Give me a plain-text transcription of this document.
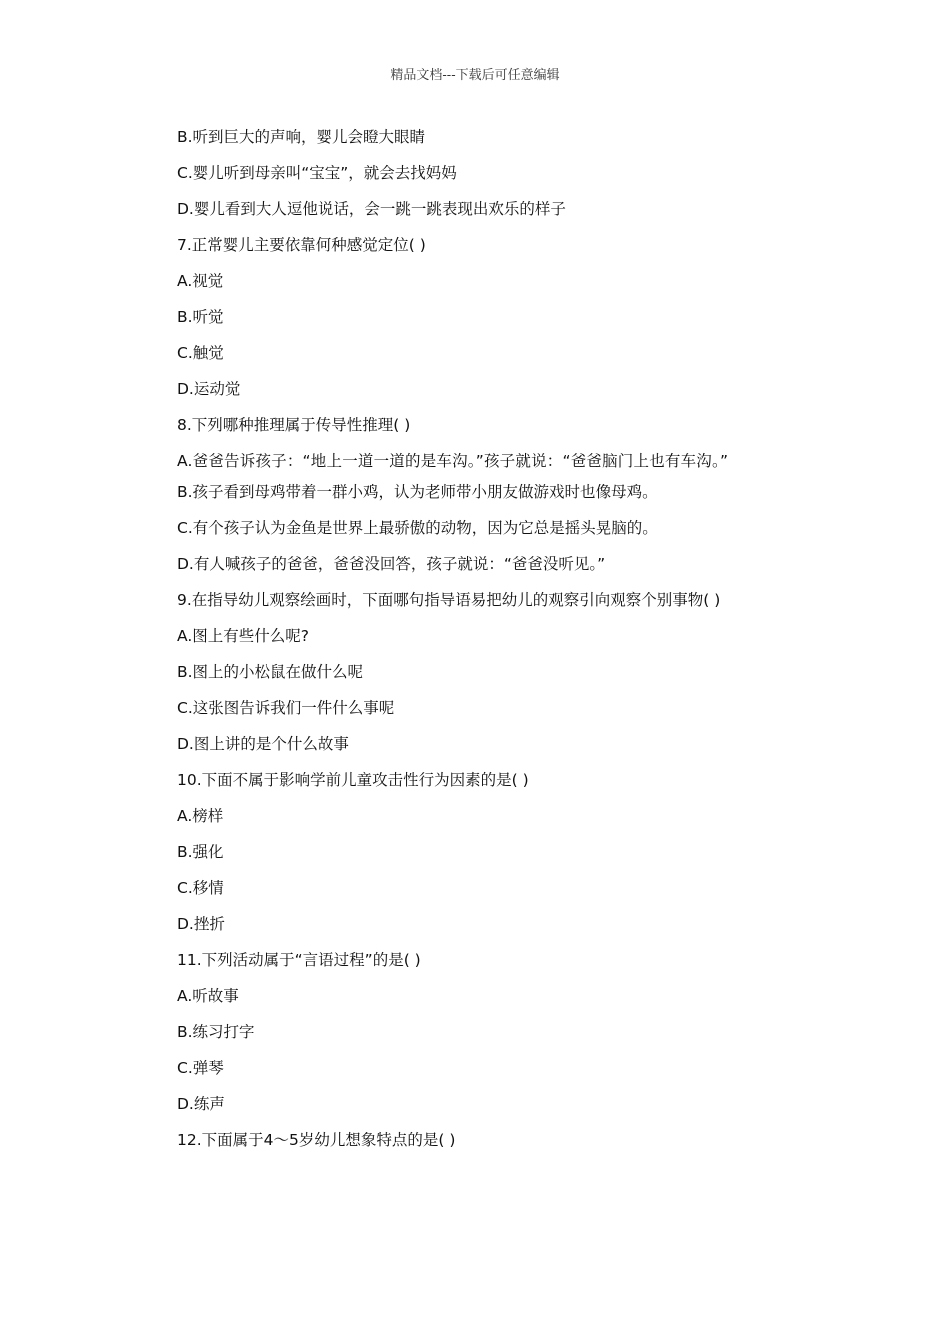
精品文档---下载后可任意编辑
B.听到巨大的声响，婴儿会瞪大眼睛
C.婴儿听到母亲叫“宝宝”，就会去找妈妈
D.婴儿看到大人逗他说话，会一跳一跳表现出欢乐的样子
7.正常婴儿主要依靠何种感觉定位( )
A.视觉
B.听觉
C.触觉
D.运动觉
8.下列哪种推理属于传导性推理( )
A.爸爸告诉孩子：“地上一道一道的是车沟。”孩子就说：“爸爸脑门上也有车沟。”
B.孩子看到母鸡带着一群小鸡，认为老师带小朋友做游戏时也像母鸡。
C.有个孩子认为金鱼是世界上最骄傲的动物，因为它总是摇头晃脑的。
D.有人喊孩子的爸爸，爸爸没回答，孩子就说：“爸爸没听见。”
9.在指导幼儿观察绘画时，下面哪句指导语易把幼儿的观察引向观察个别事物( )
A.图上有些什么呢?
B.图上的小松鼠在做什么呢
C.这张图告诉我们一件什么事呢
D.图上讲的是个什么故事
10.下面不属于影响学前儿童攻击性行为因素的是( )
A.榜样
B.强化
C.移情
D.挫折
11.下列活动属于“言语过程”的是( )
A.听故事
B.练习打字
C.弹琴
D.练声
12.下面属于4～5岁幼儿想象特点的是( )
